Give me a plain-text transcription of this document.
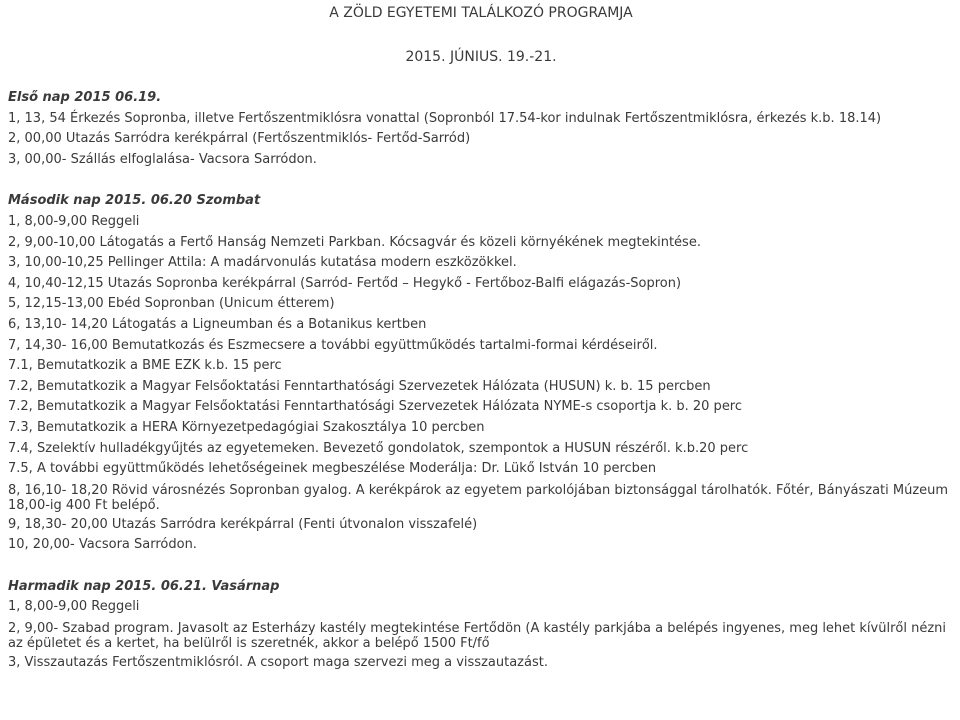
A ZÖLD EGYETEMI TALÁLKOZÓ PROGRAMJA
2015. JÚNIUS. 19.-21.
Első nap 2015 06.19.
1, 13, 54 Érkezés Sopronba, illetve Fertőszentmiklósra vonattal (Sopronból 17.54-kor indulnak Fertőszentmiklósra, érkezés k.b. 18.14)
2, 00,00 Utazás Sarródra kerékpárral (Fertőszentmiklós- Fertőd-Sarród)
3, 00,00- Szállás elfoglalása- Vacsora Sarródon.
Második nap 2015. 06.20 Szombat
1, 8,00-9,00 Reggeli
2, 9,00-10,00 Látogatás a Fertő Hanság Nemzeti Parkban. Kócsagvár és közeli környékének megtekintése.
3, 10,00-10,25 Pellinger Attila: A madárvonulás kutatása modern eszközökkel.
4, 10,40-12,15 Utazás Sopronba kerékpárral (Sarród- Fertőd – Hegykő - Fertőboz-Balfi elágazás-Sopron)
5, 12,15-13,00 Ebéd Sopronban (Unicum étterem)
6, 13,10- 14,20 Látogatás a Ligneumban és a Botanikus kertben
7, 14,30- 16,00 Bemutatkozás és Eszmecsere a további együttműködés tartalmi-formai kérdéseiről.
7.1, Bemutatkozik a BME EZK k.b. 15 perc
7.2, Bemutatkozik a Magyar Felsőoktatási Fenntarthatósági Szervezetek Hálózata (HUSUN) k. b. 15 percben
7.2, Bemutatkozik a Magyar Felsőoktatási Fenntarthatósági Szervezetek Hálózata NYME-s csoportja k. b. 20 perc
7.3, Bemutatkozik a HERA Környezetpedagógiai Szakosztálya 10 percben
7.4, Szelektív hulladékgyűjtés az egyetemeken. Bevezető gondolatok, szempontok a HUSUN részéről. k.b.20 perc
7.5, A további együttműködés lehetőségeinek megbeszélése Moderálja: Dr. Lükő István 10 percben
8, 16,10- 18,20 Rövid városnézés Sopronban gyalog. A kerékpárok az egyetem parkolójában biztonsággal tárolhatók. Főtér, Bányászati Múzeum 18,00-ig 400 Ft belépő.
9, 18,30- 20,00 Utazás Sarródra kerékpárral (Fenti útvonalon visszafelé)
10, 20,00- Vacsora Sarródon.
Harmadik nap 2015. 06.21. Vasárnap
1, 8,00-9,00 Reggeli
2, 9,00- Szabad program. Javasolt az Esterházy kastély megtekintése Fertődön (A kastély parkjába a belépés ingyenes, meg lehet kívülről nézni az épületet és a kertet, ha belülről is szeretnék, akkor a belépő 1500 Ft/fő
3, Visszautazás Fertőszentmiklósról. A csoport maga szervezi meg a visszautazást.
